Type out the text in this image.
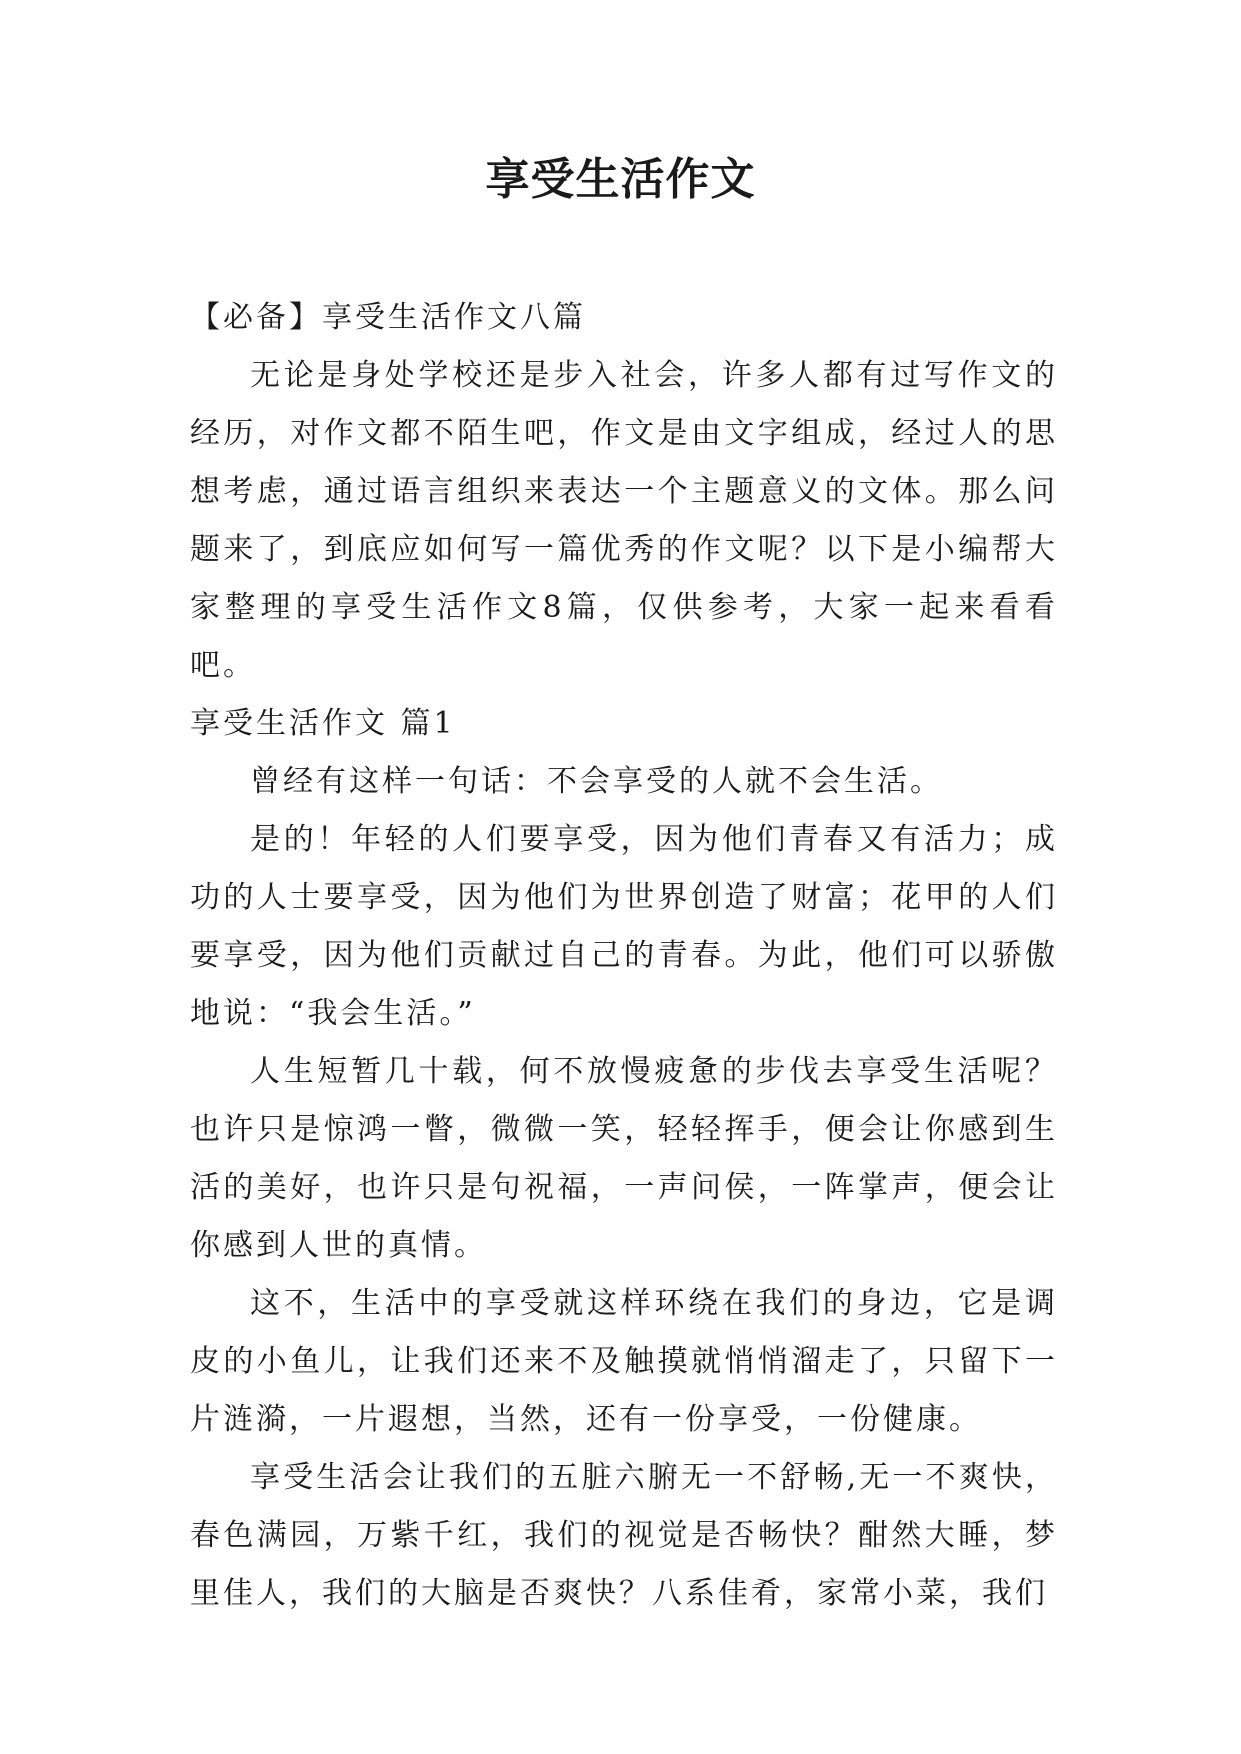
享受生活作文

【必备】享受生活作文八篇

无论是身处学校还是步入社会，许多人都有过写作文的经历，对作文都不陌生吧，作文是由文字组成，经过人的思想考虑，通过语言组织来表达一个主题意义的文体。那么问题来了，到底应如何写一篇优秀的作文呢？以下是小编帮大家整理的享受生活作文8篇，仅供参考，大家一起来看看吧。

享受生活作文 篇1

曾经有这样一句话：不会享受的人就不会生活。

是的！年轻的人们要享受，因为他们青春又有活力；成功的人士要享受，因为他们为世界创造了财富；花甲的人们要享受，因为他们贡献过自己的青春。为此，他们可以骄傲地说：“我会生活。”

人生短暂几十载，何不放慢疲惫的步伐去享受生活呢？也许只是惊鸿一瞥，微微一笑，轻轻挥手，便会让你感到生活的美好，也许只是句祝福，一声问侯，一阵掌声，便会让你感到人世的真情。

这不，生活中的享受就这样环绕在我们的身边，它是调皮的小鱼儿，让我们还来不及触摸就悄悄溜走了，只留下一片涟漪，一片遐想，当然，还有一份享受，一份健康。

享受生活会让我们的五脏六腑无一不舒畅,无一不爽快，春色满园，万紫千红，我们的视觉是否畅快？酣然大睡，梦里佳人，我们的大脑是否爽快？八系佳肴，家常小菜，我们
